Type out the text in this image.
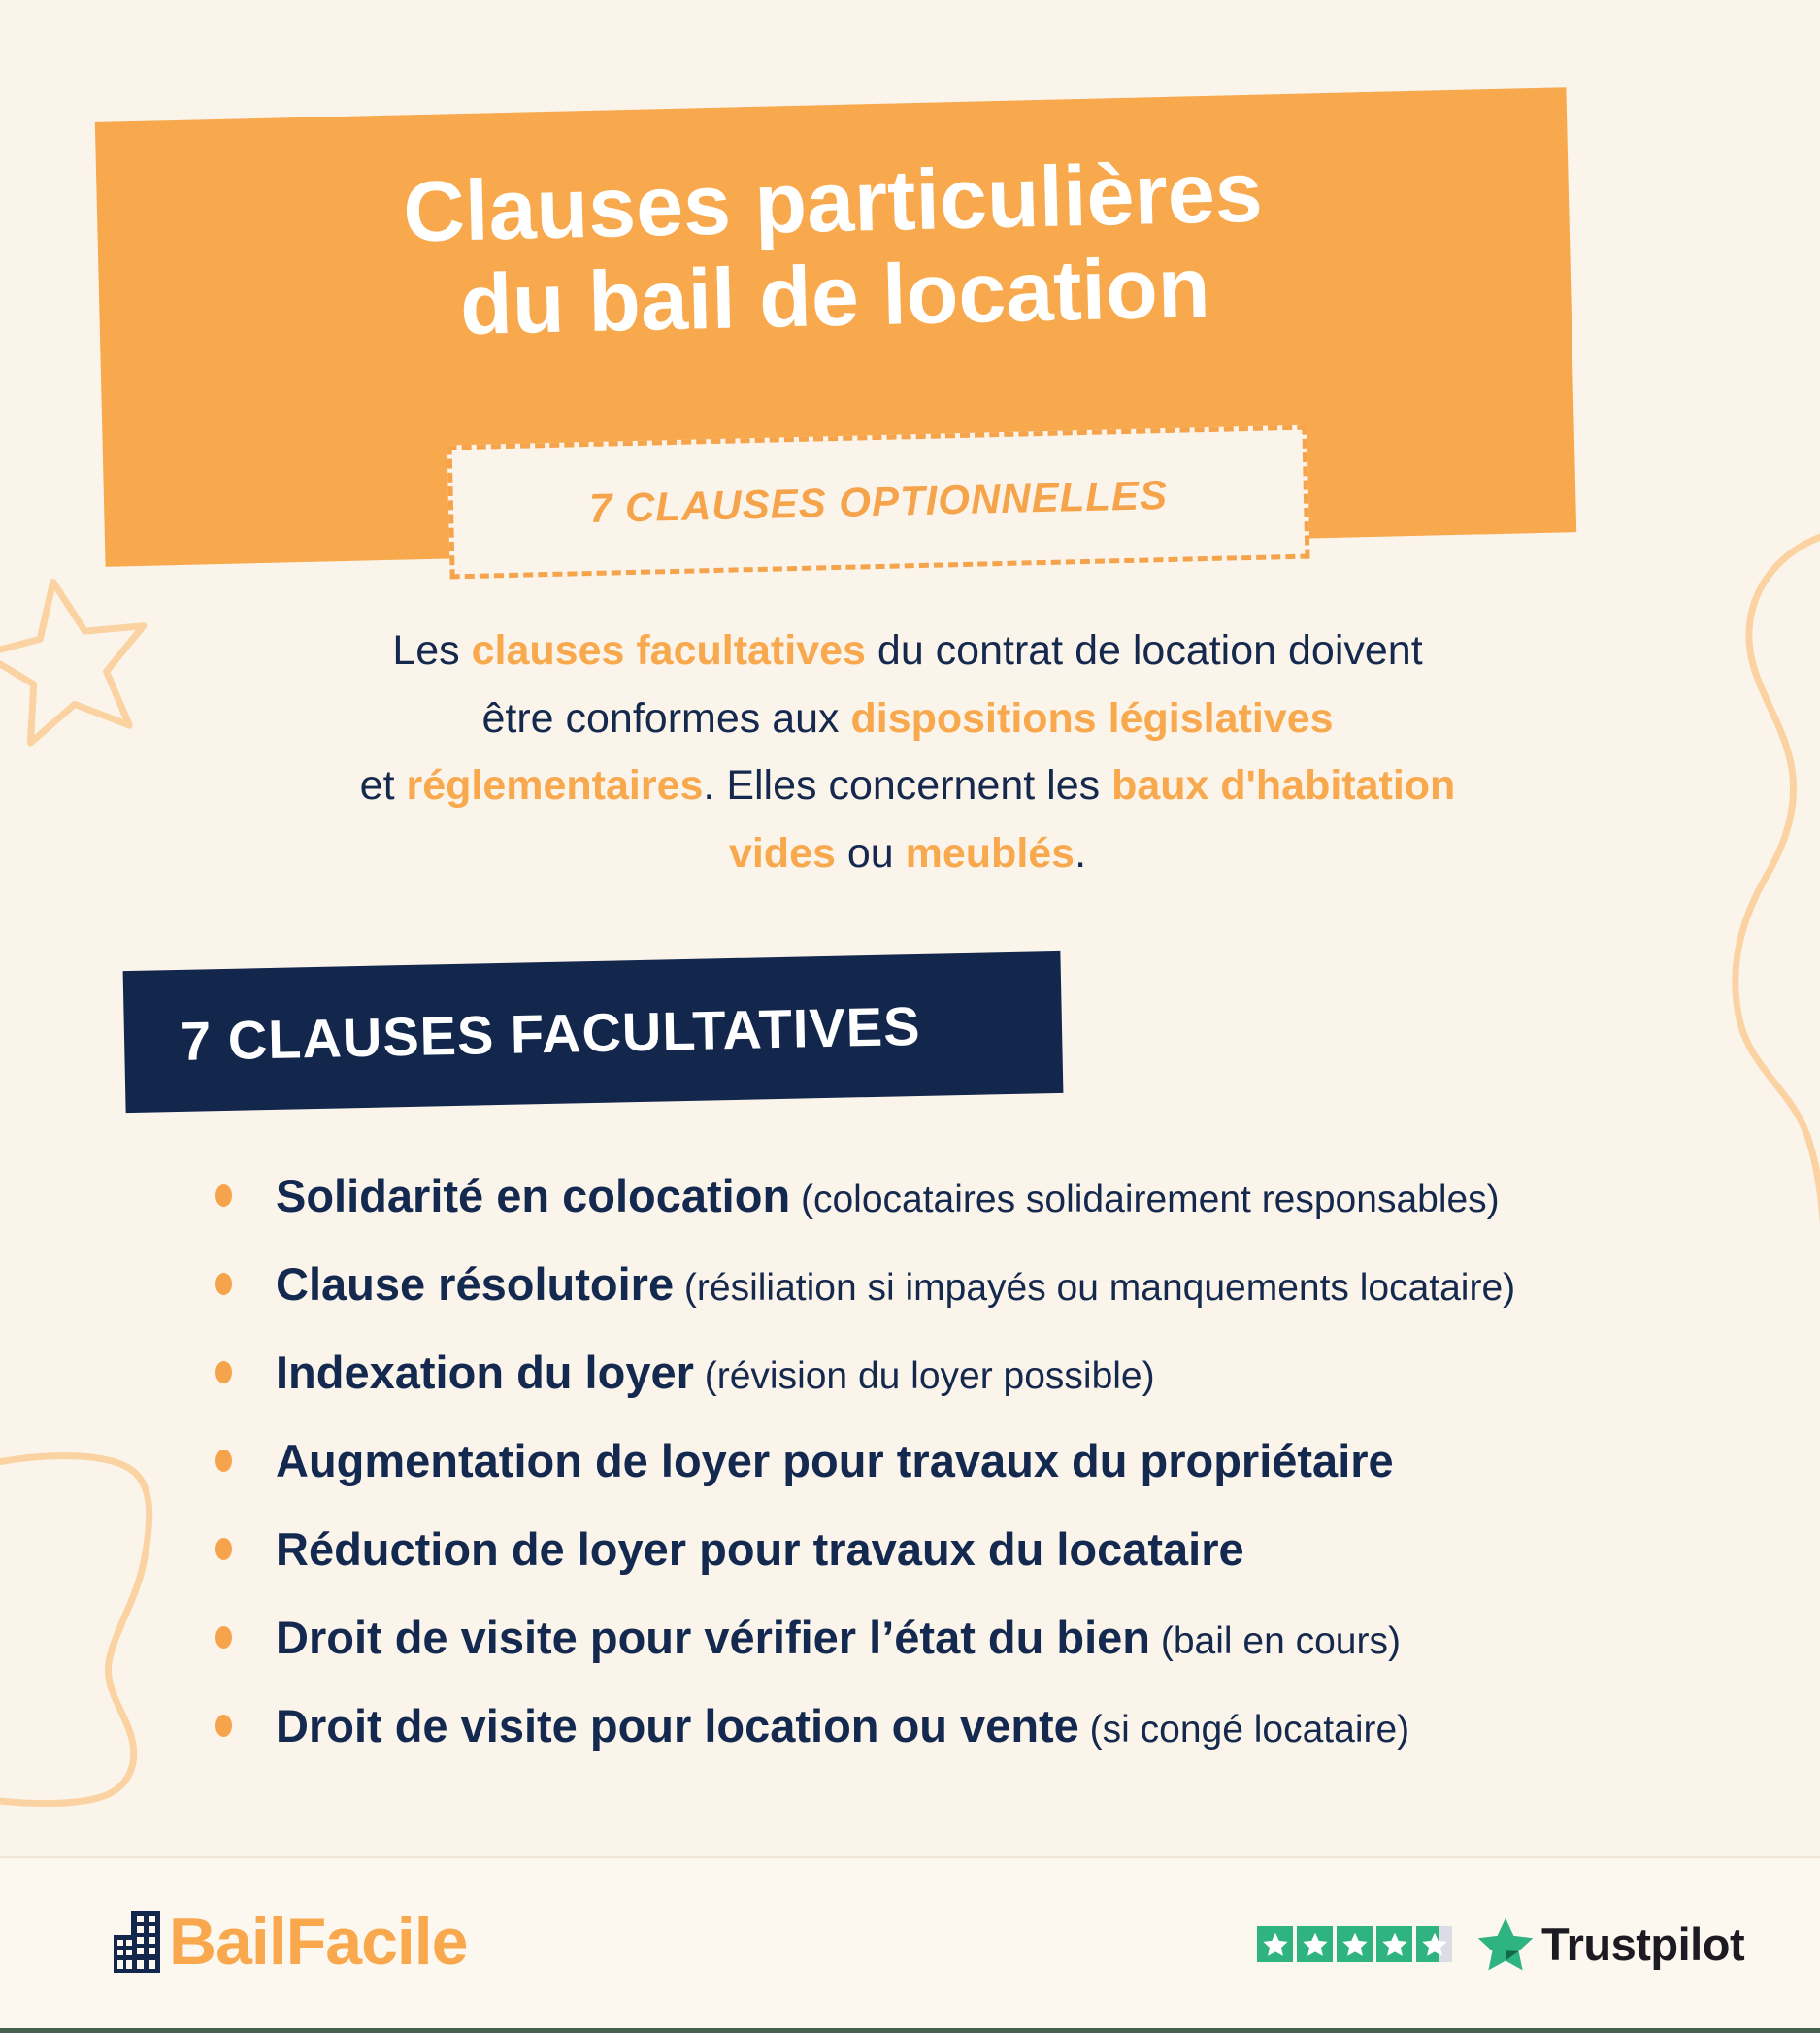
Clauses particulières
du bail de location
7 CLAUSES OPTIONNELLES
Les clauses facultatives du contrat de location doivent
être conformes aux dispositions législatives
et réglementaires. Elles concernent les baux d'habitation
vides ou meublés.
7 CLAUSES FACULTATIVES

Solidarité en colocation (colocataires solidairement responsables)

Clause résolutoire (résiliation si impayés ou manquements locataire)

Indexation du loyer (révision du loyer possible)

Augmentation de loyer pour travaux du propriétaire

Réduction de loyer pour travaux du locataire

Droit de visite pour vérifier l’état du bien (bail en cours)

Droit de visite pour location ou vente (si congé locataire)

BailFacile	Trustpilot
